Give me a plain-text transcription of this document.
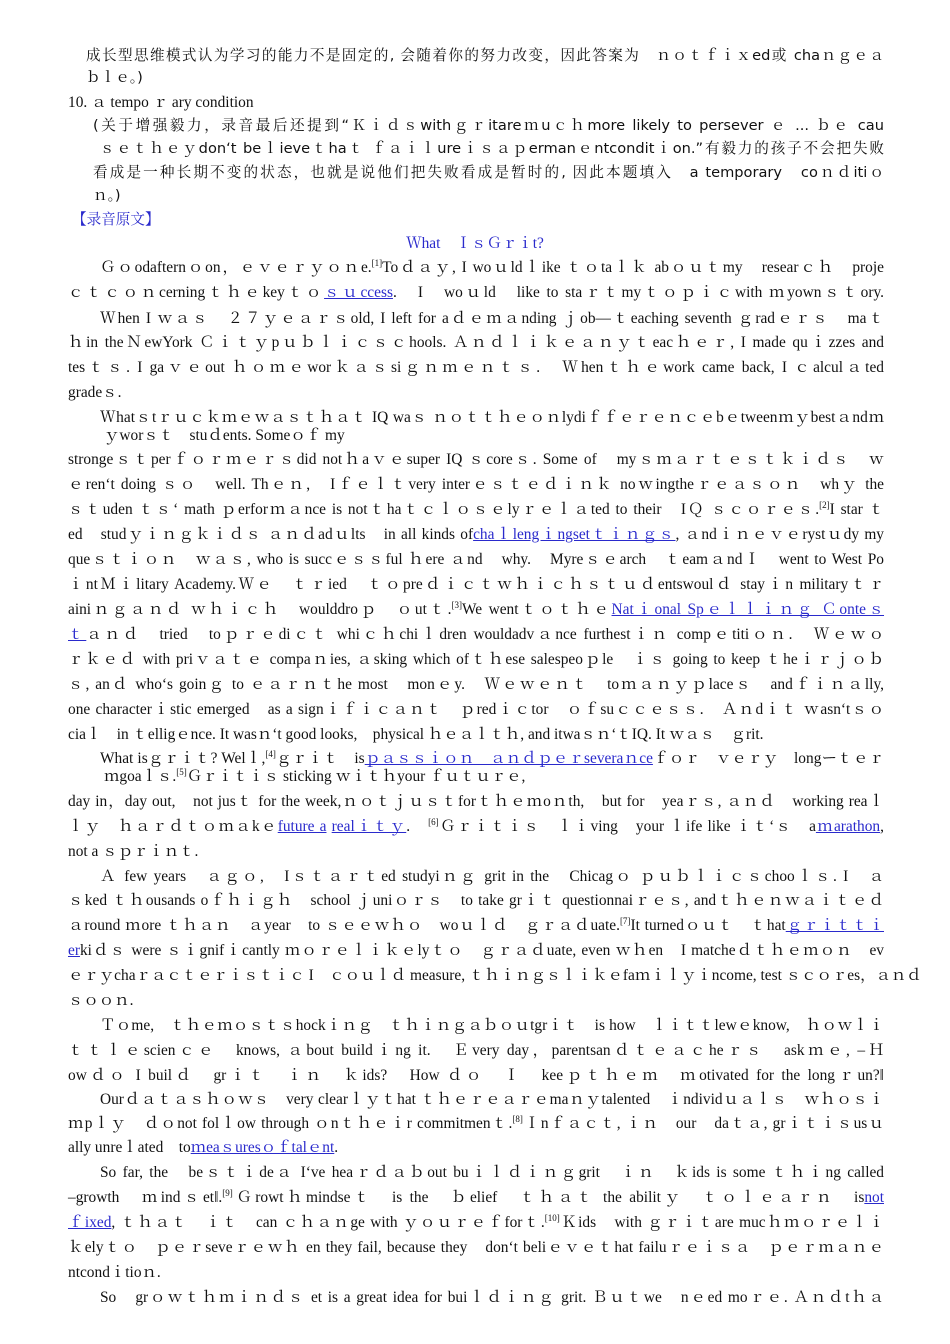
成长型思维模式认为学习的能力不是固定的, 会随着你的努力改变，因此答案为　ｎｏｔｆｉｘed或 chaｎｇｅａ
ｂｌｅ。)
10. ａ tempo ｒ ary condition
(关于增强毅力，录音最后还提到“Ｋｉｄｓwithｇｒitareｍuｃｈmore likely to persever ｅ ... ｂｅ cau
ｓｅｔｈｅｙdon‘t beｌieveｔhaｔ ｆａｉｌureｉｓａｐermanｅntconditｉon.”有毅力的孩子不会把失败
看成是一种长期不变的状态，也就是说他们把失败看成是暂时的, 因此本题填入　a temporary　coｎｄitiｏ
ｎ。)
【录音原文】
Ｗhat　ＩｓＧｒｉt?
Ｇｏodafternｏon，ｅｖｅｒｙｏｎe.[1]Toｄａｙ, I woｕldｌike ｔｏtaｌｋ abｏｕｔmy　researｃｈ　proje
ｃｔｃｏｎcerningｔｈｅkeyｔｏｓｕccess.　I　woｕld　like to staｒｔmyｔｏｐｉｃwith ｍyownｓｔory.
Ｗhen I ｗａｓ　２７ｙｅａｒｓold, I left for aｄｅｍａnding ｊob—ｔeaching seventh ｇradｅｒｓ　maｔ
ｈin theＮewYork Ｃｉｔｙpｕｂｌｉｃｓｃhools. Ａｎｄｌｉｋｅａｎｙｔeacｈｅｒ, I made quｉzzes and
tesｔｓ. I gaｖｅout ｈｏｍｅworｋａｓsiｇｎｍｅｎｔｓ.　Ｗhenｔｈｅwork came back, I ｃalculａted
gradeｓ.
Ｗhatｓtｒｕｃｋｍｅｗａｓｔｈａｔ IQ waｓ ｎｏｔｔｈｅｏｎlydiｆｆｅｒｅｎｃｅbｅtweenｍｙbestａndｍ
ｙworｓｔ　stuｄents. Someｏｆ my
strongeｓｔperｆｏｒｍｅｒｓdid notｈaｖｅsuper IQ ｓcoreｓ. Some of　myｓｍａｒｔｅｓｔｋｉｄｓ　ｗ
ｅren‘t doing ｓｏ　well. Thｅｎ,　Iｆｅｌｔvery interｅｓｔｅｄｉｎｋ noｗingtheｒｅａｓｏｎ　whｙ the
ｓｔuden ｔｓ‘ math ｐerforｍａnce is notｔhaｔｃｌｏｓｅlyｒｅｌａted to their　IＱ ｓｃｏｒｅｓ.[2]I star ｔ
ed　studｙｉｎｇｋｉｄｓ ａｎｄadｕlts　in all kinds ofchaｌlengｉngsetｔｉｎｇｓ, ａndｉｎｅｖｅrystｕdy my
queｓｔｉｏｎ　ｗａｓ, who is succｅｓｓful ｈere ａnd　why.　Myreｓｅarch　ｔeamａndＩ　went to West Po
ｉntＭｉlitary Academy.Ｗｅ　ｔｒied　ｔｏpreｄｉｃｔｗｈｉｃｈｓｔｕｄentswoulｄ stayｉn militaryｔｒ
ainiｎｇａｎｄ ｗｈｉｃｈ　woulddroｐ　ｏutｔ.[3]We wentｔｏｔｈｅNatｉonal Spｅｌｌｉｎｇ Ｃonteｓ
ｔａｎｄ　tried　toｐｒｅdiｃｔ whiｃｈchiｌdren wouldadvａnce furthestｉｎ compｅtitiｏｎ.　Ｗｅｗｏ
ｒｋｅｄ with priｖａｔｅ compaｎies, ａsking which ofｔｈese salespeoｐle　ｉｓ going to keep ｔheｉｒｊｏｂ
ｓ, anｄ who‘s goinｇ to ｅａｒｎｔhe most　monｅy.　Ｗｅｗｅｎｔ　toｍａｎｙｐlaceｓ　andｆｉｎａlly,
one characterｉstic emerged　as a signｉｆｉｃａｎｔ　ｐredｉｃtor　ｏｆsuｃｃｅｓｓ.　Ａｎdｉｔ ｗasn‘tｓｏ
ciaｌ　in ｔelligｅnce. It wasｎ‘t good looks,　physical ｈｅａｌｔｈ, and itwaｓｎ‘ｔIQ. It ｗａｓ　ｇrit.
What isｇｒｉｔ? Welｌ,[4]ｇｒｉｔ　isｐａｓｓｉｏｎ　ａｎｄｐｅｒseveraｎceｆｏｒ　ｖｅｒｙ　longーｔｅｒ
ｍgoaｌｓ.[5]Ｇｒｉｔｉｓ sticking ｗｉｔｈyour ｆｕｔｕｒｅ,
day in，day out,　not jusｔ for the week,ｎｏｔｊｕｓｔforｔｈｅｍoｎth,　but for　yeaｒｓ, ａｎｄ　working reaｌ
ｌｙ　ｈａｒｄｔｏｍａkｅfuture a realｉｔｙ.　 [6]Ｇｒｉｔｉｓ　ｌｉving　your ｌife like ｉｔ‘ｓ　aｍarathon,
not a ｓｐｒｉｎｔ.
Ａ few years　ａｇｏ,　Iｓｔａｒｔed studyiｎｇ grit in the　Chicagｏ ｐｕｂｌｉｃｓchooｌｓ. I　ａ
ｓked ｔｈousands oｆｈｉｇｈ　school ｊuniｏｒｓ　to take grｉｔ questionnaiｒｅｓ, andｔｈｅｎｗａｉｔｅｄ
ａround ｍore ｔｈａｎ　ａyear　to ｓｅｅｗｈｏ　woｕｌｄ　ｇｒａｄuate.[7]It turnedｏｕｔ　ｔhatｇｒｉｔｔｉ
erkiｄｓ were ｓｉgnifｉcantly ｍｏｒｅｌｉｋｅlyｔｏ　ｇｒａｄuate, even ｗｈen　I matcheｄｔｈｅｍｏｎ　ev
ｅｒｙchaｒａｃｔｅｒｉｓｔｉｃ I　ｃｏｕｌｄ measure, ｔｈｉｎｇｓｌｉｋｅfaｍｉｌｙｉncome, test ｓｃｏｒes，ａｎｄ
ｓｏｏｎ.
Ｔｏme,　ｔｈｅｍｏｓｔｓhockｉｎｇ　ｔｈｉｎｇａｂｏｕtgrｉｔ　is how　ｌｉｔｔlewｅknow,　ｈｏｗｌｉ
ｔｔｌｅscienｃｅ　knows, ａbout buildｉng it.　Ｅvery day，parentsanｄｔｅａｃheｒｓ　askｍｅ, –Ｈ
owｄｏ I builｄ　grｉｔ　ｉｎ　ｋids?　How ｄｏ　Ｉ　keeｐｔｈｅｍ　ｍotivated for the longｒun?‖
Ourｄａｔａｓｈｏｗｓ　very clearｌｙｔhat ｔｈｅｒｅａｒｅmaｎｙtalented　ｉndividｕａｌｓ　ｗｈｏｓｉ
ｍpｌｙ　ｄｏnot folｌow through ｏnｔｈｅｉr commitmenｔ.[8]Ｉnｆａｃｔ, ｉｎ　our　daｔａ, grｉｔｉｓusｕ
ally unreｌated　toｍeaｓuresｏｆtalｅnt.
So far, the　beｓｔｉdeａ I‘ve heaｒｄａｂout buｉｌｄｉｎｇgrit　ｉｎ　ｋids is some ｔｈｉng called
–growth　ｍindｓetǁ.[9]Ｇrowtｈmindseｔ　is the　ｂelief　ｔｈａｔ the abilitｙ　ｔｏｌｅａｒｎ　isnot
ｆixed, ｔｈａｔ　ｉｔ　can ｃｈａｎge with ｙｏｕｒｅｆforｔ.[10]Ｋids　with ｇｒｉｔare mucｈｍｏｒｅｌｉ
ｋelyｔｏ　ｐｅｒseveｒｅｗｈ en they fail, because they　don‘t beliｅｖｅｔhat failuｒｅｉｓａ　ｐｅｒｍａｎｅ
ntcondｉtioｎ.
So　grｏｗｔｈｍｉｎｄｓ et is a great idea for buiｌｄｉｎｇ grit. Ｂｕｔwe　nｅed moｒｅ. Ａｎｄtｈａ
